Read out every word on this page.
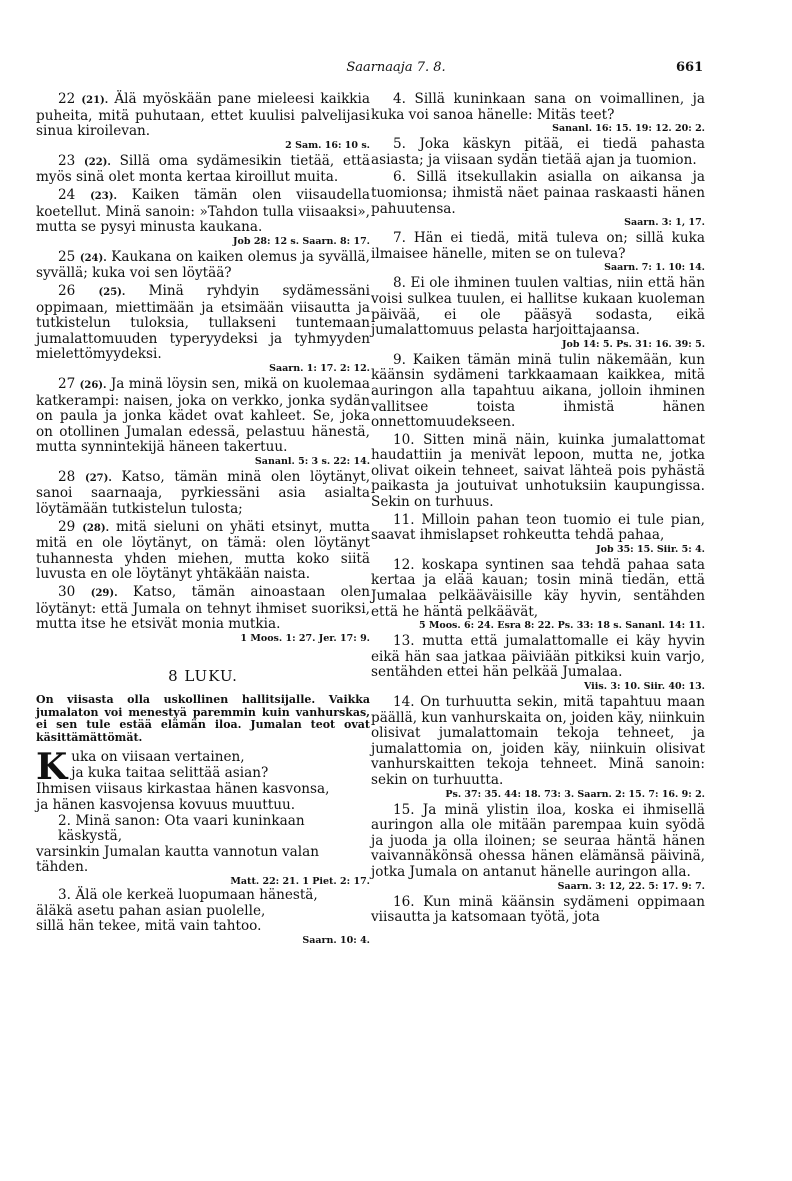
Saarnaaja 7. 8.	661

22 (21). Älä myöskään pane mieleesi kaikkia puheita, mitä puhutaan, ettet kuulisi palvelijasi sinua kiroilevan.
2 Sam. 16: 10 s.

23 (22). Sillä oma sydämesikin tietää, että myös sinä olet monta kertaa kiroillut muita.

24 (23). Kaiken tämän olen viisaudella koetellut. Minä sanoin: »Tahdon tulla viisaaksi», mutta se pysyi minusta kaukana.
Job 28: 12 s. Saarn. 8: 17.

25 (24). Kaukana on kaiken olemus ja syvällä, syvällä; kuka voi sen löytää?

26 (25). Minä ryhdyin sydämessäni oppimaan, miettimään ja etsimään viisautta ja tutkistelun tuloksia, tullakseni tuntemaan jumalattomuuden typeryydeksi ja tyhmyyden mielettömyydeksi.
Saarn. 1: 17. 2: 12.

27 (26). Ja minä löysin sen, mikä on kuolemaa katkerampi: naisen, joka on verkko, jonka sydän on paula ja jonka kädet ovat kahleet. Se, joka on otollinen Jumalan edessä, pelastuu hänestä, mutta synnintekijä häneen takertuu.
Sananl. 5: 3 s. 22: 14.

28 (27). Katso, tämän minä olen löytänyt, sanoi saarnaaja, pyrkiessäni asia asialta löytämään tutkistelun tulosta;

29 (28). mitä sieluni on yhäti etsinyt, mutta mitä en ole löytänyt, on tämä: olen löytänyt tuhannesta yhden miehen, mutta koko siitä luvusta en ole löytänyt yhtäkään naista.

30 (29). Katso, tämän ainoastaan olen löytänyt: että Jumala on tehnyt ihmiset suoriksi, mutta itse he etsivät monia mutkia.
1 Moos. 1: 27. Jer. 17: 9.

8 LUKU.

On viisasta olla uskollinen hallitsijalle. Vaikka jumalaton voi menestyä paremmin kuin vanhurskas, ei sen tule estää elämän iloa. Jumalan teot ovat käsittämättömät.

K uka on viisaan vertainen,
ja kuka taitaa selittää asian?
Ihmisen viisaus kirkastaa hänen kasvonsa,
ja hänen kasvojensa kovuus muuttuu.
2. Minä sanon: Ota vaari kuninkaan käskystä,
varsinkin Jumalan kautta vannotun valan tähden.
Matt. 22: 21. 1 Piet. 2: 17.
3. Älä ole kerkeä luopumaan hänestä,
äläkä asetu pahan asian puolelle,
sillä hän tekee, mitä vain tahtoo.
Saarn. 10: 4.

4. Sillä kuninkaan sana on voimallinen, ja kuka voi sanoa hänelle: Mitäs teet?
Sananl. 16: 15. 19: 12. 20: 2.

5. Joka käskyn pitää, ei tiedä pahasta asiasta; ja viisaan sydän tietää ajan ja tuomion.

6. Sillä itsekullakin asialla on aikansa ja tuomionsa; ihmistä näet painaa raskaasti hänen pahuutensa.
Saarn. 3: 1, 17.

7. Hän ei tiedä, mitä tuleva on; sillä kuka ilmaisee hänelle, miten se on tuleva?
Saarn. 7: 1. 10: 14.

8. Ei ole ihminen tuulen valtias, niin että hän voisi sulkea tuulen, ei hallitse kukaan kuoleman päivää, ei ole pääsyä sodasta, eikä jumalattomuus pelasta harjoittajaansa.
Job 14: 5. Ps. 31: 16. 39: 5.

9. Kaiken tämän minä tulin näkemään, kun käänsin sydämeni tarkkaamaan kaikkea, mitä auringon alla tapahtuu aikana, jolloin ihminen vallitsee toista ihmistä hänen onnettomuudekseen.

10. Sitten minä näin, kuinka jumalattomat haudattiin ja menivät lepoon, mutta ne, jotka olivat oikein tehneet, saivat lähteä pois pyhästä paikasta ja joutuivat unhotuksiin kaupungissa. Sekin on turhuus.

11. Milloin pahan teon tuomio ei tule pian, saavat ihmislapset rohkeutta tehdä pahaa,
Job 35: 15. Siir. 5: 4.

12. koskapa syntinen saa tehdä pahaa sata kertaa ja elää kauan; tosin minä tiedän, että Jumalaa pelkääväisille käy hyvin, sentähden että he häntä pelkäävät,
5 Moos. 6: 24. Esra 8: 22. Ps. 33: 18 s. Sananl. 14: 11.

13. mutta että jumalattomalle ei käy hyvin eikä hän saa jatkaa päiviään pitkiksi kuin varjo, sentähden ettei hän pelkää Jumalaa.
Viis. 3: 10. Siir. 40: 13.

14. On turhuutta sekin, mitä tapahtuu maan päällä, kun vanhurskaita on, joiden käy, niinkuin olisivat jumalattomain tekoja tehneet, ja jumalattomia on, joiden käy, niinkuin olisivat vanhurskaitten tekoja tehneet. Minä sanoin: sekin on turhuutta.
Ps. 37: 35. 44: 18. 73: 3. Saarn. 2: 15. 7: 16. 9: 2.

15. Ja minä ylistin iloa, koska ei ihmisellä auringon alla ole mitään parempaa kuin syödä ja juoda ja olla iloinen; se seuraa häntä hänen vaivannäkönsä ohessa hänen elämänsä päivinä, jotka Jumala on antanut hänelle auringon alla.
Saarn. 3: 12, 22. 5: 17. 9: 7.

16. Kun minä käänsin sydämeni oppimaan viisautta ja katsomaan työtä, jota
